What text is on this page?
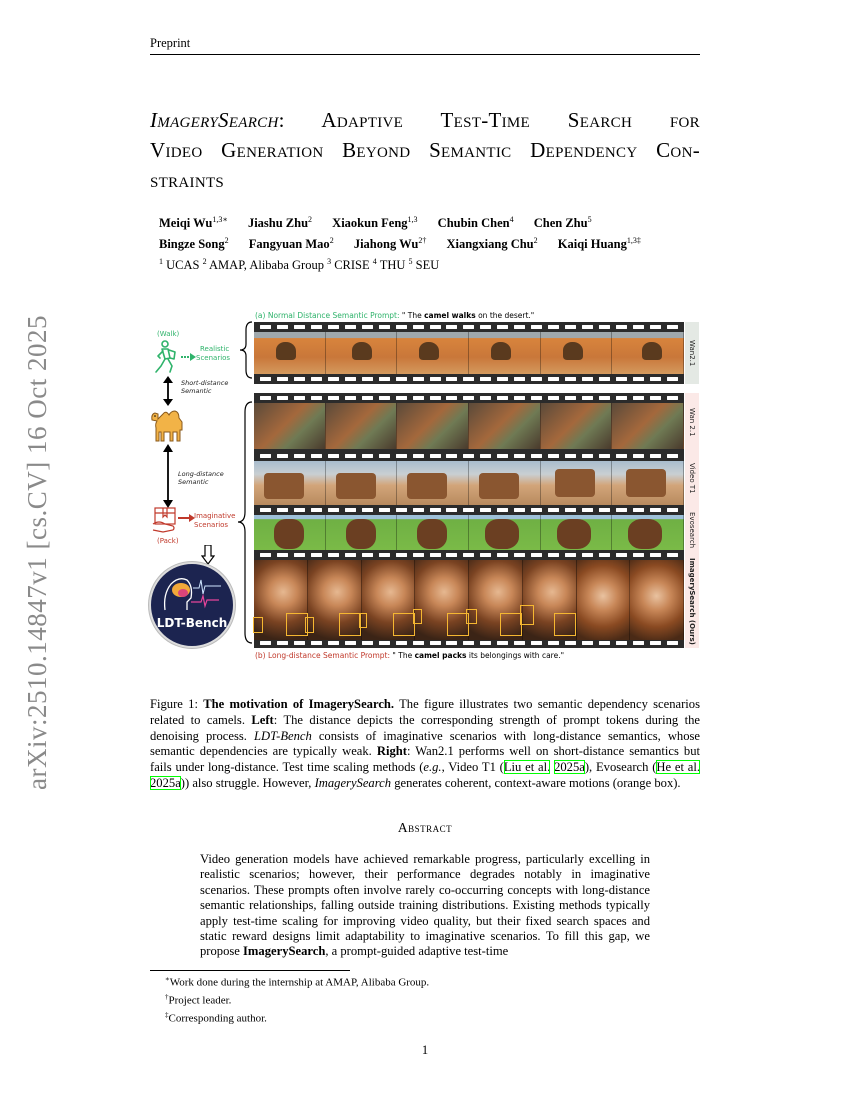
Preprint
ImagerySearch: Adaptive Test-Time Search for
Video Generation Beyond Semantic Dependency Con-
straints
Meiqi $Wu^{1,3∗}$ Jiashu Zhu$^2$ Xiaokun Feng$^{1,3}$ Chubin Chen$^4$ Chen Zhu$^5$
Bingze Song$^2$ Fangyuan Mao$^2$ Jiahong $Wu^{2\dagger}$ Xiangxiang Chu$^2$ Kaiqi Huang$^{1,3\ddagger}$
$^1$ UCAS $^2$ AMAP, Alibaba Group $^3$ CRISE $^4$ THU $^5$ SEU
arXiv:2510.14847v1 [cs.CV] 16 Oct 2025	(a) Normal Distance Semantic Prompt: " The camel walks on the desert."
(Walk)
Realistic
Scenarios
Short-distance
Semantic
Long-distance
Semantic
Imaginative
Scenarios
(Pack)
LDT-Bench
Wan2.1
Wan 2.1
Video T1
Evosearch
ImagerySearch (Ours)
(b) Long-distance Semantic Prompt: " The camel packs its belongings with care."
Figure 1: The motivation of ImagerySearch. The figure illustrates two semantic dependency scenarios related to camels. Left: The distance depicts the corresponding strength of prompt tokens during the denoising process. LDT-Bench consists of imaginative scenarios with long-distance semantics, whose semantic dependencies are typically weak. Right: Wan2.1 performs well on short-distance semantics but fails under long-distance. Test time scaling methods (e.g., Video T1 (Liu et al. 2025a), Evosearch (He et al. 2025a)) also struggle. However, ImagerySearch generates coherent, context-aware motions (orange box).
Abstract
Video generation models have achieved remarkable progress, particularly excelling in realistic scenarios; however, their performance degrades notably in imaginative scenarios. These prompts often involve rarely co-occurring concepts with long-distance semantic relationships, falling outside training distributions. Existing methods typically apply test-time scaling for improving video quality, but their fixed search spaces and static reward designs limit adaptability to imaginative scenarios. To fill this gap, we propose ImagerySearch, a prompt-guided adaptive test-time
∗Work done during the internship at AMAP, Alibaba Group.
†Project leader.
‡Corresponding author.
1
